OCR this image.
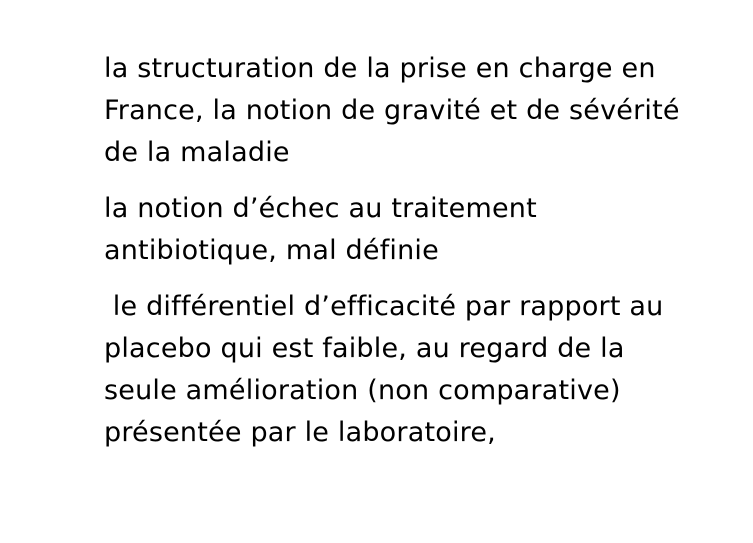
la structuration de la prise en charge en France, la notion de gravité et de sévérité de la maladie

la notion d’échec au traitement antibiotique, mal définie

le différentiel d’efficacité par rapport au placebo qui est faible, au regard de la seule amélioration (non comparative) présentée par le laboratoire,
